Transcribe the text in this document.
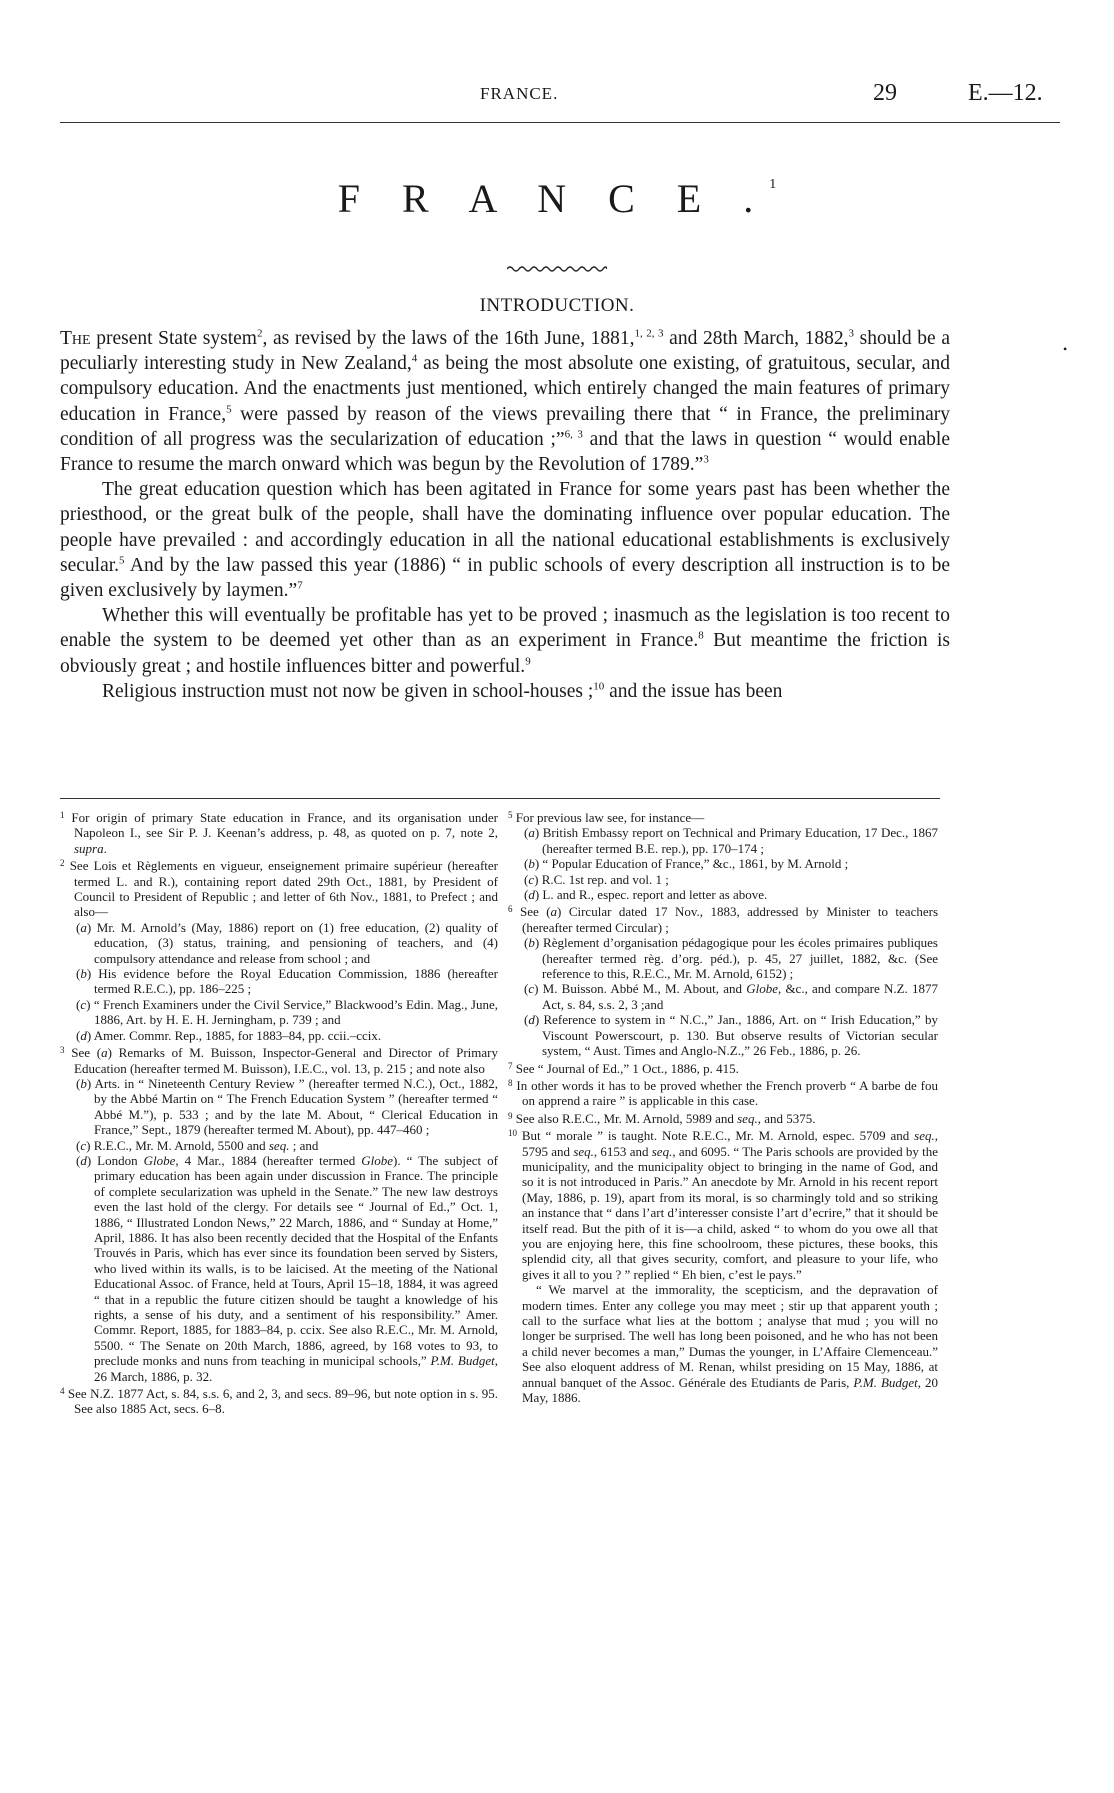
FRANCE.	29	E.—12.
F R A N C E .$^1$
INTRODUCTION.

The present State system$^2$, as revised by the laws of the 16th June, 1881,$^{1, 2, 3}$ and 28th March, 1882,$^3$ should be a peculiarly interesting study in New Zealand,$^4$ as being the most absolute one existing, of gratuitous, secular, and compulsory education. And the enactments just mentioned, which entirely changed the main features of primary education in France,$^5$ were passed by reason of the views prevailing there that “ in France, the preliminary condition of all progress was the secularization of education ;”$^{6, 3}$ and that the laws in question “ would enable France to resume the march onward which was begun by the Revolution of 1789.”$^3$

The great education question which has been agitated in France for some years past has been whether the priesthood, or the great bulk of the people, shall have the dominating influence over popular education. The people have prevailed : and accordingly education in all the national educational establishments is exclusively secular.$^5$ And by the law passed this year (1886) “ in public schools of every description all instruction is to be given exclusively by laymen.”$^7$

Whether this will eventually be profitable has yet to be proved ; inasmuch as the legislation is too recent to enable the system to be deemed yet other than as an experiment in France.$^8$ But meantime the friction is obviously great ; and hostile influences bitter and powerful.$^9$

Religious instruction must not now be given in school-houses ;$^{10}$ and the issue has been

•

$^1$ For origin of primary State education in France, and its organisation under Napoleon I., see Sir P. J. Keenan’s address, p. 48, as quoted on p. 7, note 2, supra.

$^2$ See Lois et Règlements en vigueur, enseignement primaire supérieur (hereafter termed L. and R.), containing report dated 29th Oct., 1881, by President of Council to President of Republic ; and letter of 6th Nov., 1881, to Prefect ; and also—

(a) Mr. M. Arnold’s (May, 1886) report on (1) free education, (2) quality of education, (3) status, training, and pensioning of teachers, and (4) compulsory attendance and release from school ; and

(b) His evidence before the Royal Education Commission, 1886 (hereafter termed R.E.C.), pp. 186–225 ;

(c) “ French Examiners under the Civil Service,” Blackwood’s Edin. Mag., June, 1886, Art. by H. E. H. Jerningham, p. 739 ; and

(d) Amer. Commr. Rep., 1885, for 1883–84, pp. ccii.–ccix.

$^3$ See (a) Remarks of M. Buisson, Inspector-General and Director of Primary Education (hereafter termed M. Buisson), I.E.C., vol. 13, p. 215 ; and note also

(b) Arts. in “ Nineteenth Century Review ” (hereafter termed N.C.), Oct., 1882, by the Abbé Martin on “ The French Education System ” (hereafter termed “ Abbé M.”), p. 533 ; and by the late M. About, “ Clerical Education in France,” Sept., 1879 (hereafter termed M. About), pp. 447–460 ;

(c) R.E.C., Mr. M. Arnold, 5500 and seq. ; and

(d) London Globe, 4 Mar., 1884 (hereafter termed Globe). “ The subject of primary education has been again under discussion in France. The principle of complete secularization was upheld in the Senate.” The new law destroys even the last hold of the clergy. For details see “ Journal of Ed.,” Oct. 1, 1886, “ Illustrated London News,” 22 March, 1886, and “ Sunday at Home,” April, 1886. It has also been recently decided that the Hospital of the Enfants Trouvés in Paris, which has ever since its foundation been served by Sisters, who lived within its walls, is to be laicised. At the meeting of the National Educational Assoc. of France, held at Tours, April 15–18, 1884, it was agreed “ that in a republic the future citizen should be taught a knowledge of his rights, a sense of his duty, and a sentiment of his responsibility.” Amer. Commr. Report, 1885, for 1883–84, p. ccix. See also R.E.C., Mr. M. Arnold, 5500. “ The Senate on 20th March, 1886, agreed, by 168 votes to 93, to preclude monks and nuns from teaching in municipal schools,” P.M. Budget, 26 March, 1886, p. 32.

$^4$ See N.Z. 1877 Act, s. 84, s.s. 6, and 2, 3, and secs. 89–96, but note option in s. 95. See also 1885 Act, secs. 6–8.

$^5$ For previous law see, for instance—

(a) British Embassy report on Technical and Primary Education, 17 Dec., 1867 (hereafter termed B.E. rep.), pp. 170–174 ;

(b) “ Popular Education of France,” &c., 1861, by M. Arnold ;

(c) R.C. 1st rep. and vol. 1 ;

(d) L. and R., espec. report and letter as above.

$^6$ See (a) Circular dated 17 Nov., 1883, addressed by Minister to teachers (hereafter termed Circular) ;

(b) Règlement d’organisation pédagogique pour les écoles primaires publiques (hereafter termed règ. d’org. péd.), p. 45, 27 juillet, 1882, &c. (See reference to this, R.E.C., Mr. M. Arnold, 6152) ;

(c) M. Buisson. Abbé M., M. About, and Globe, &c., and compare N.Z. 1877 Act, s. 84, s.s. 2, 3 ;and

(d) Reference to system in “ N.C.,” Jan., 1886, Art. on “ Irish Education,” by Viscount Powerscourt, p. 130. But observe results of Victorian secular system, “ Aust. Times and Anglo-N.Z.,” 26 Feb., 1886, p. 26.

$^7$ See “ Journal of Ed.,” 1 Oct., 1886, p. 415.

$^8$ In other words it has to be proved whether the French proverb “ A barbe de fou on apprend a raire ” is applicable in this case.

$^9$ See also R.E.C., Mr. M. Arnold, 5989 and seq., and 5375.

$^{10}$ But “ morale ” is taught. Note R.E.C., Mr. M. Arnold, espec. 5709 and seq., 5795 and seq., 6153 and seq., and 6095. “ The Paris schools are provided by the municipality, and the municipality object to bringing in the name of God, and so it is not introduced in Paris.” An anecdote by Mr. Arnold in his recent report (May, 1886, p. 19), apart from its moral, is so charmingly told and so striking an instance that “ dans l’art d’interesser consiste l’art d’ecrire,” that it should be itself read. But the pith of it is—a child, asked “ to whom do you owe all that you are enjoying here, this fine schoolroom, these pictures, these books, this splendid city, all that gives security, comfort, and pleasure to your life, who gives it all to you ? ” replied “ Eh bien, c’est le pays.”

“ We marvel at the immorality, the scepticism, and the depravation of modern times. Enter any college you may meet ; stir up that apparent youth ; call to the surface what lies at the bottom ; analyse that mud ; you will no longer be surprised. The well has long been poisoned, and he who has not been a child never becomes a man,” Dumas the younger, in L’Affaire Clemenceau.” See also eloquent address of M. Renan, whilst presiding on 15 May, 1886, at annual banquet of the Assoc. Générale des Etudiants de Paris, P.M. Budget, 20 May, 1886.
